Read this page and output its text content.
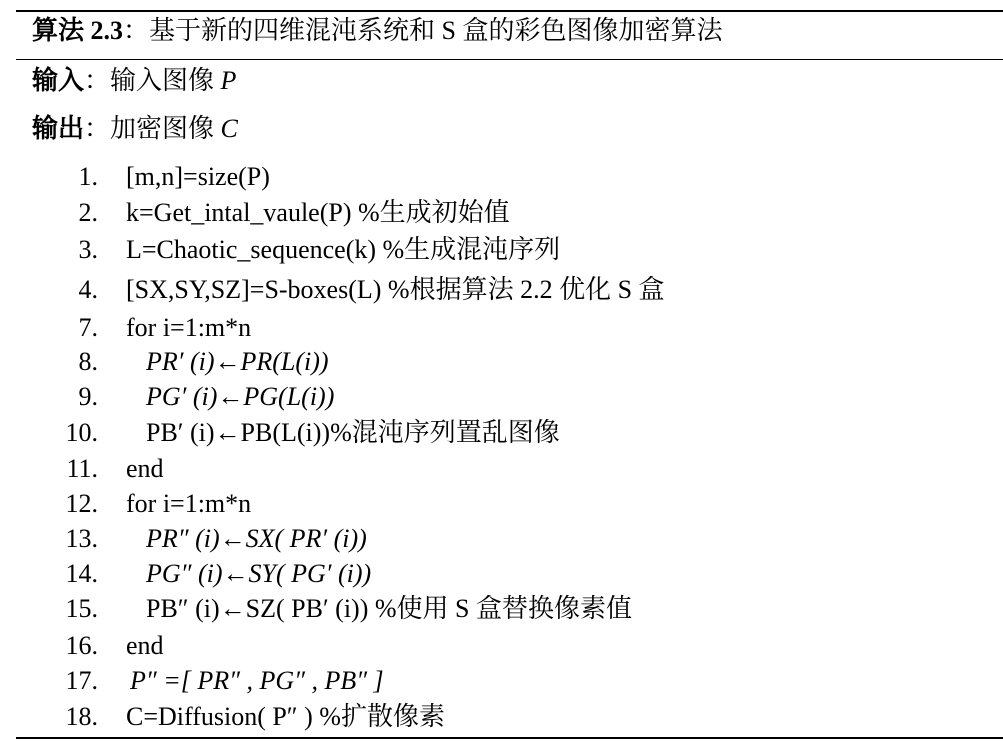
算法 2.3：基于新的四维混沌系统和 S 盒的彩色图像加密算法
输入：输入图像 P
输出：加密图像 C
1. [m,n]=size(P)
2. k=Get_intal_vaule(P) %生成初始值
3. L=Chaotic_sequence(k) %生成混沌序列
4. [SX,SY,SZ]=S-boxes(L) %根据算法 2.2 优化 S 盒
7. for i=1:m*n
8. PR′ (i)←PR(L(i))
9. PG′ (i)←PG(L(i))
10. PB′ (i)←PB(L(i))%混沌序列置乱图像
11. end
12. for i=1:m*n
13. PR″ (i)←SX( PR′ (i))
14. PG″ (i)←SY( PG′ (i))
15. PB″ (i)←SZ( PB′ (i)) %使用 S 盒替换像素值
16. end
17. P″ =[ PR″ , PG″ , PB″ ]
18. C=Diffusion( P″ ) %扩散像素
